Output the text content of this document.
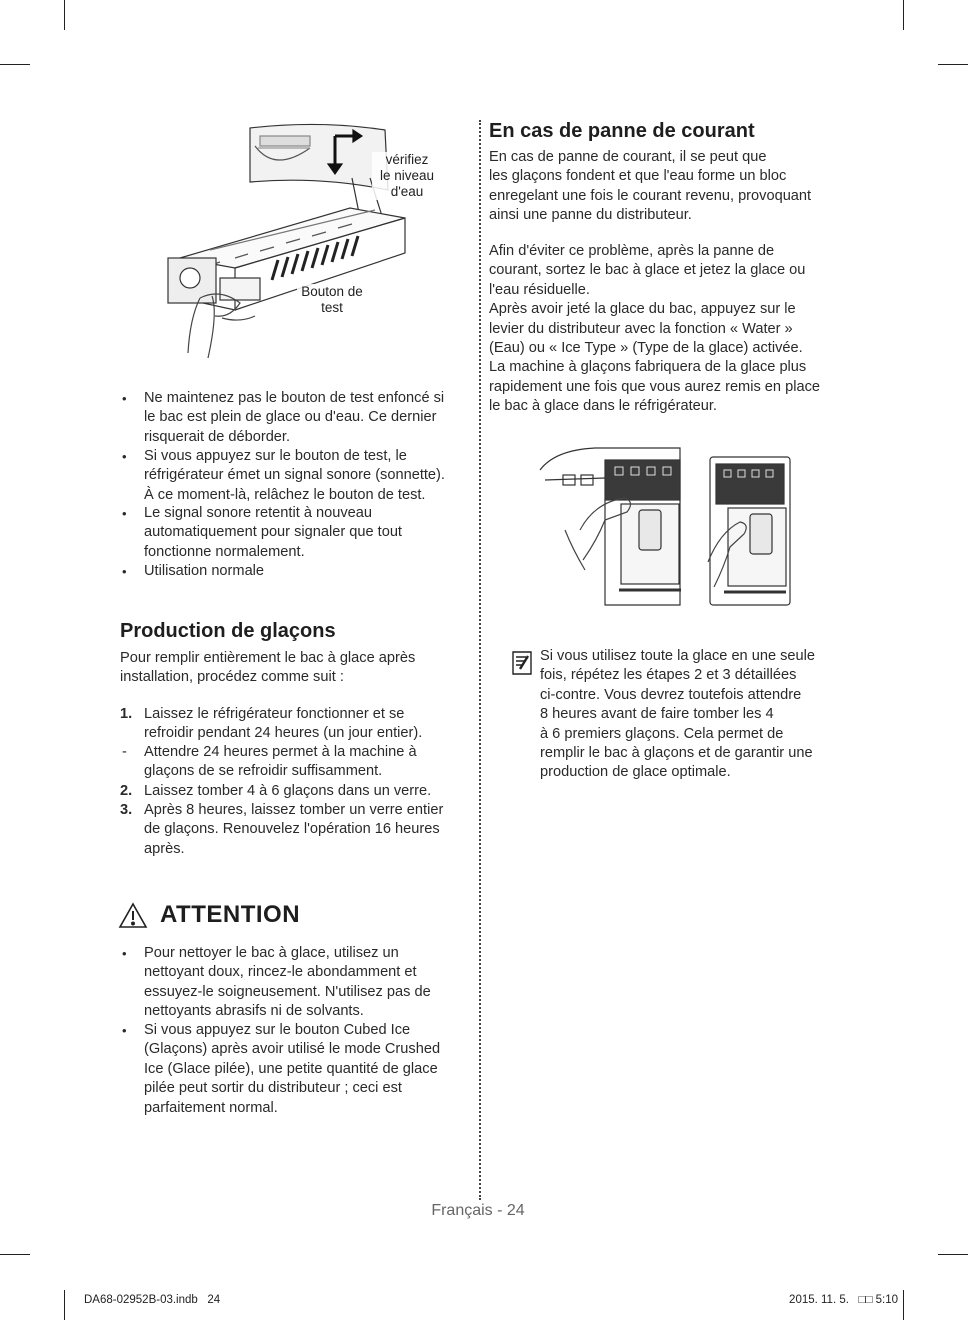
vérifiez
le niveau
d'eau
Bouton de
test
• Ne maintenez pas le bouton de test enfoncé si
le bac est plein de glace ou d'eau. Ce dernier
risquerait de déborder.
• Si vous appuyez sur le bouton de test, le
réfrigérateur émet un signal sonore (sonnette).
À ce moment-là, relâchez le bouton de test.
• Le signal sonore retentit à nouveau
automatiquement pour signaler que tout
fonctionne normalement.
• Utilisation normale
Production de glaçons
Pour remplir entièrement le bac à glace après
installation, procédez comme suit :
1. Laissez le réfrigérateur fonctionner et se
refroidir pendant 24 heures (un jour entier).
- Attendre 24 heures permet à la machine à
glaçons de se refroidir suffisamment.
2. Laissez tomber 4 à 6 glaçons dans un verre.
3. Après 8 heures, laissez tomber un verre entier
de glaçons. Renouvelez l'opération 16 heures
après.
ATTENTION
• Pour nettoyer le bac à glace, utilisez un
nettoyant doux, rincez-le abondamment et
essuyez-le soigneusement. N'utilisez pas de
nettoyants abrasifs ni de solvants.
• Si vous appuyez sur le bouton Cubed Ice
(Glaçons) après avoir utilisé le mode Crushed
Ice (Glace pilée), une petite quantité de glace
pilée peut sortir du distributeur ; ceci est
parfaitement normal.
En cas de panne de courant
En cas de panne de courant, il se peut que
les glaçons fondent et que l'eau forme un bloc
enregelant une fois le courant revenu, provoquant
ainsi une panne du distributeur.
Afin d'éviter ce problème, après la panne de
courant, sortez le bac à glace et jetez la glace ou
l'eau résiduelle.
Après avoir jeté la glace du bac, appuyez sur le
levier du distributeur avec la fonction « Water »
(Eau) ou « Ice Type » (Type de la glace) activée.
La machine à glaçons fabriquera de la glace plus
rapidement une fois que vous aurez remis en place
le bac à glace dans le réfrigérateur.
Si vous utilisez toute la glace en une seule
fois, répétez les étapes 2 et 3 détaillées
ci-contre. Vous devrez toutefois attendre
8 heures avant de faire tomber les 4
à 6 premiers glaçons. Cela permet de
remplir le bac à glaçons et de garantir une
production de glace optimale.
Français - 24
DA68-02952B-03.indb   24	2015. 11. 5.   □□ 5:10
